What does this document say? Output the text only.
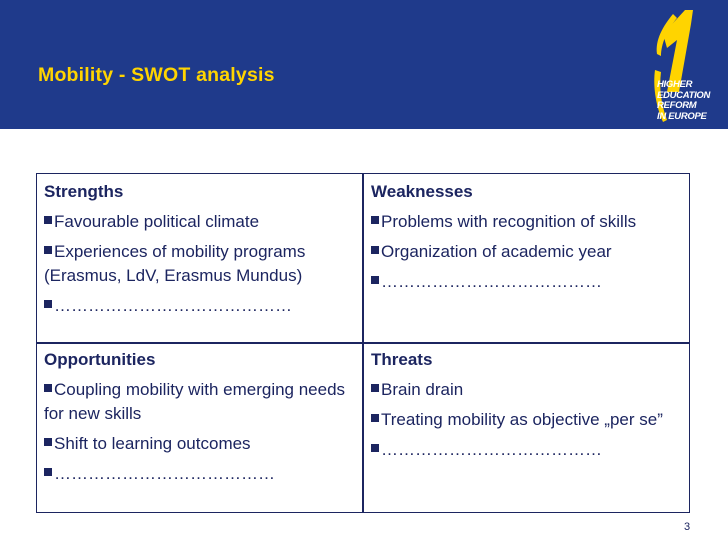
Mobility - SWOT analysis	HIGHER
EDUCATION
REFORM
IN EUROPE
Strengths
Favourable political climate
Experiences of mobility programs (Erasmus, LdV, Erasmus Mundus)
……………………………………
Weaknesses
Problems with recognition of skills
Organization of academic year
…………………………………
Opportunities
Coupling mobility with emerging needs for new skills
Shift to learning outcomes
…………………………………
Threats
Brain drain
Treating mobility as objective „per se”
…………………………………
3
